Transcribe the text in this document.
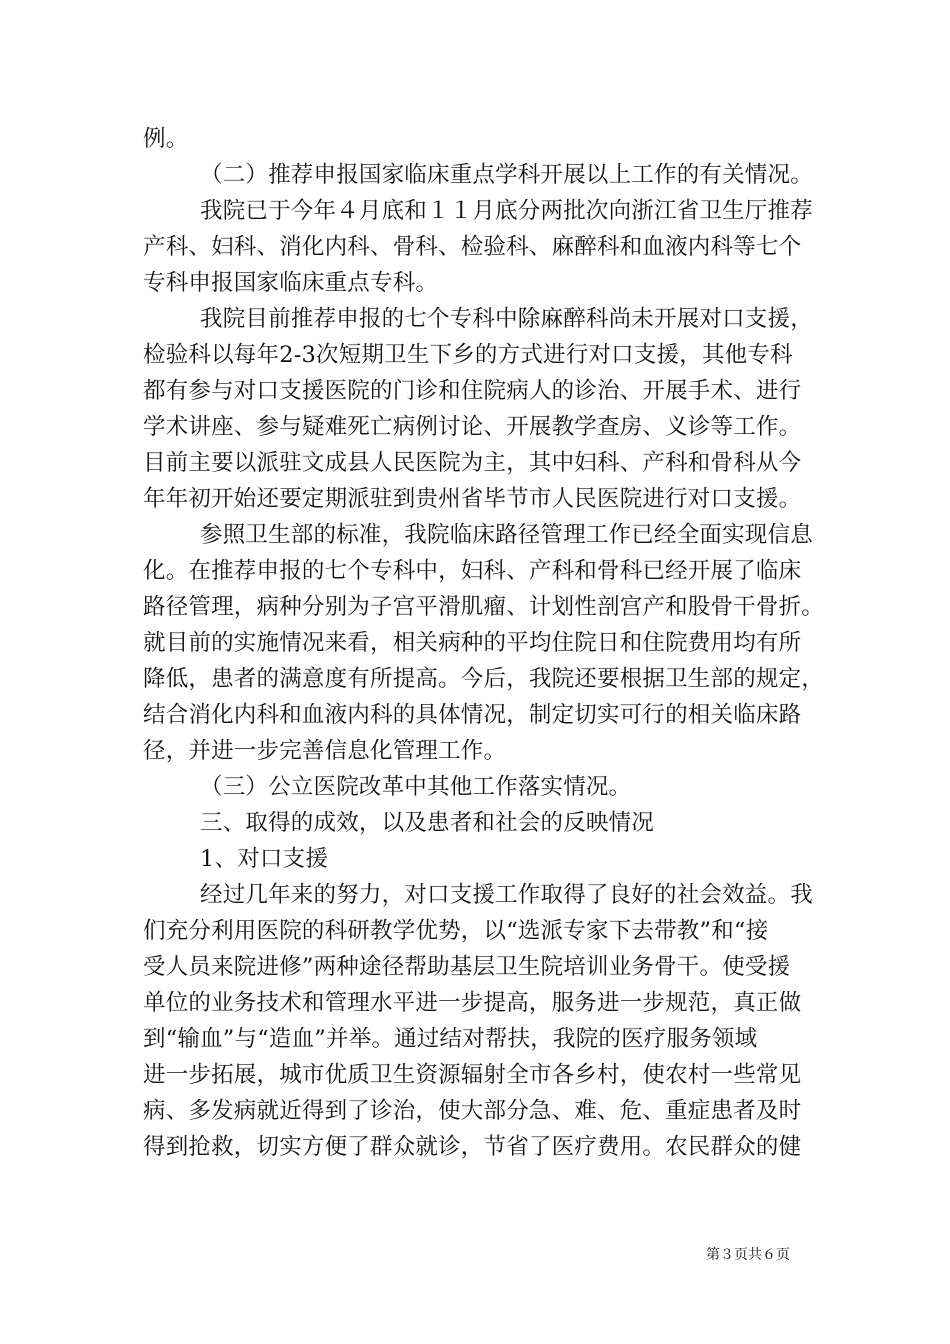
例。
（二）推荐申报国家临床重点学科开展以上工作的有关情况。
我院已于今年４月底和１１月底分两批次向浙江省卫生厅推荐
产科、妇科、消化内科、骨科、检验科、麻醉科和血液内科等七个
专科申报国家临床重点专科。
我院目前推荐申报的七个专科中除麻醉科尚未开展对口支援，
检验科以每年2-3次短期卫生下乡的方式进行对口支援，其他专科
都有参与对口支援医院的门诊和住院病人的诊治、开展手术、进行
学术讲座、参与疑难死亡病例讨论、开展教学查房、义诊等工作。
目前主要以派驻文成县人民医院为主，其中妇科、产科和骨科从今
年年初开始还要定期派驻到贵州省毕节市人民医院进行对口支援。
参照卫生部的标准，我院临床路径管理工作已经全面实现信息
化。在推荐申报的七个专科中，妇科、产科和骨科已经开展了临床
路径管理，病种分别为子宫平滑肌瘤、计划性剖宫产和股骨干骨折。
就目前的实施情况来看，相关病种的平均住院日和住院费用均有所
降低，患者的满意度有所提高。今后，我院还要根据卫生部的规定，
结合消化内科和血液内科的具体情况，制定切实可行的相关临床路
径，并进一步完善信息化管理工作。
（三）公立医院改革中其他工作落实情况。
三、取得的成效，以及患者和社会的反映情况
1、对口支援
经过几年来的努力，对口支援工作取得了良好的社会效益。我
们充分利用医院的科研教学优势，以“选派专家下去带教”和“接
受人员来院进修”两种途径帮助基层卫生院培训业务骨干。使受援
单位的业务技术和管理水平进一步提高，服务进一步规范，真正做
到“输血”与“造血”并举。通过结对帮扶，我院的医疗服务领域
进一步拓展，城市优质卫生资源辐射全市各乡村，使农村一些常见
病、多发病就近得到了诊治，使大部分急、难、危、重症患者及时
得到抢救，切实方便了群众就诊，节省了医疗费用。农民群众的健
第３页共６页
